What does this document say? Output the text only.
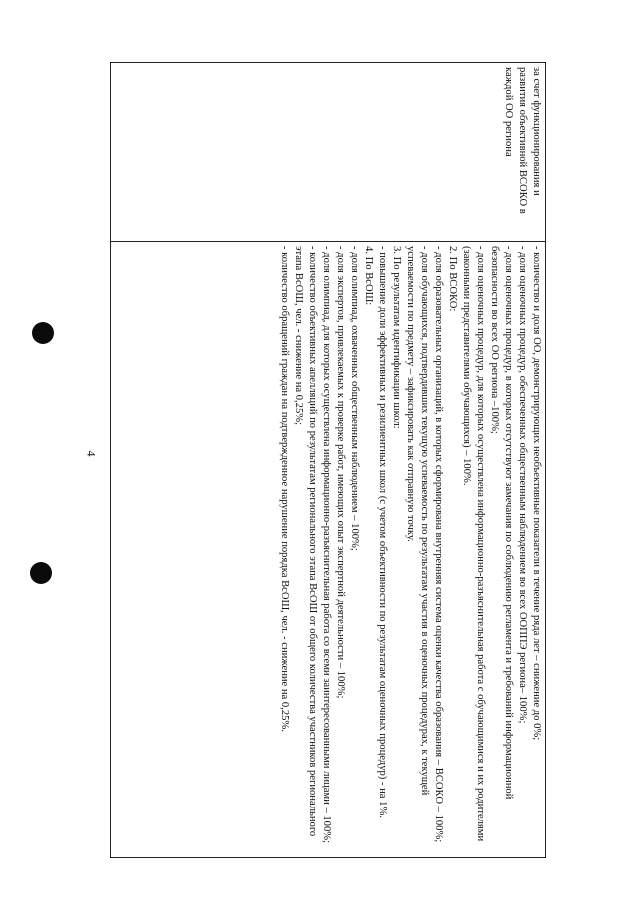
4
за счет функционирования и развития объективной ВСОКО в каждой ОО региона	
- количество и доля ОО, демонстрирующих необъективные показатели в течение ряда лет – снижение до 0%;
- доля оценочных процедур, обеспеченных общественным наблюдением во всех ООППЭ региона– 100%;
- доля оценочных процедур, в которых отсутствуют замечания по соблюдению регламента и требований информационной безопасности во всех ОО региона –100%;
- доля оценочных процедур, для которых осуществлена информационно-разъяснительная работа с обучающимися и их родителями (законными представителями обучающихся) – 100%.
2. По ВСОКО:
- доля образовательных организаций, в которых сформирована внутренняя система оценки качества образования – ВСОКО – 100%;
- доля обучающихся, подтвердивших текущую успеваемость по результатам участия в оценочных процедурах, к текущей успеваемости по предмету – зафиксировать как отправную точку.
3. По результатам идентификации школ:
- повышение доли эффективных и резилиентных школ (с учетом объективности по результатам оценочных процедур) - на 1%.
4. По ВсОШ:
- доля олимпиад, охваченных общественным наблюдением – 100%;
- доля экспертов, привлекаемых к проверке работ, имеющих опыт экспертной деятельности – 100%;
- доля олимпиад, для которых осуществлена информационно-разъяснительная работа со всеми заинтересованными лицами – 100%;
- количество объективных апелляций по результатам регионального этапа ВсОШ от общего количества участников регионального этапа ВсОШ, чел. - снижение на 0,25%;
- количество обращений граждан на подтвержденное нарушение порядка ВсОШ, чел. - снижение на 0,25%.
